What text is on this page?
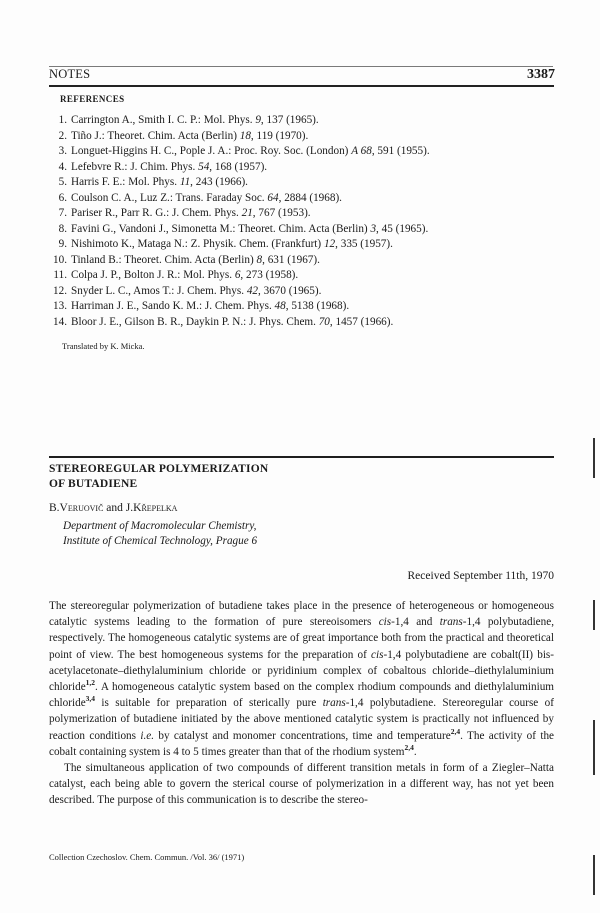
NOTES	3387
REFERENCES
1. Carrington A., Smith I. C. P.: Mol. Phys. 9, 137 (1965).
2. Tiño J.: Theoret. Chim. Acta (Berlin) 18, 119 (1970).
3. Longuet-Higgins H. C., Pople J. A.: Proc. Roy. Soc. (London) A 68, 591 (1955).
4. Lefebvre R.: J. Chim. Phys. 54, 168 (1957).
5. Harris F. E.: Mol. Phys. 11, 243 (1966).
6. Coulson C. A., Luz Z.: Trans. Faraday Soc. 64, 2884 (1968).
7. Pariser R., Parr R. G.: J. Chem. Phys. 21, 767 (1953).
8. Favini G., Vandoni J., Simonetta M.: Theoret. Chim. Acta (Berlin) 3, 45 (1965).
9. Nishimoto K., Mataga N.: Z. Physik. Chem. (Frankfurt) 12, 335 (1957).
10. Tinland B.: Theoret. Chim. Acta (Berlin) 8, 631 (1967).
11. Colpa J. P., Bolton J. R.: Mol. Phys. 6, 273 (1958).
12. Snyder L. C., Amos T.: J. Chem. Phys. 42, 3670 (1965).
13. Harriman J. E., Sando K. M.: J. Chem. Phys. 48, 5138 (1968).
14. Bloor J. E., Gilson B. R., Daykin P. N.: J. Phys. Chem. 70, 1457 (1966).
Translated by K. Micka.
STEREOREGULAR POLYMERIZATION
OF BUTADIENE
B.Veruovič and J.Křepelka
Department of Macromolecular Chemistry,
Institute of Chemical Technology, Prague 6
Received September 11th, 1970

The stereoregular polymerization of butadiene takes place in the presence of heterogeneous or homogeneous catalytic systems leading to the formation of pure stereoisomers cis-1,4 and trans-1,4 polybutadiene, respectively. The homogeneous catalytic systems are of great importance both from the practical and theoretical point of view. The best homogeneous systems for the preparation of cis-1,4 polybutadiene are cobalt(II) bis-acetylacetonate–diethylaluminium chloride or pyridinium complex of cobaltous chloride–diethylaluminium chloride$^{1,2}$. A homogeneous catalytic system based on the complex rhodium compounds and diethylaluminium chloride$^{3,4}$ is suitable for preparation of sterically pure trans-1,4 polybutadiene. Stereoregular course of polymerization of butadiene initiated by the above mentioned catalytic system is practically not influenced by reaction conditions i.e. by catalyst and monomer concentrations, time and temperature$^{2,4}$. The activity of the cobalt containing system is 4 to 5 times greater than that of the rhodium system$^{2,4}$.

The simultaneous application of two compounds of different transition metals in form of a Ziegler–Natta catalyst, each being able to govern the sterical course of polymerization in a different way, has not yet been described. The purpose of this communication is to describe the stereo-

Collection Czechoslov. Chem. Commun. /Vol. 36/ (1971)
